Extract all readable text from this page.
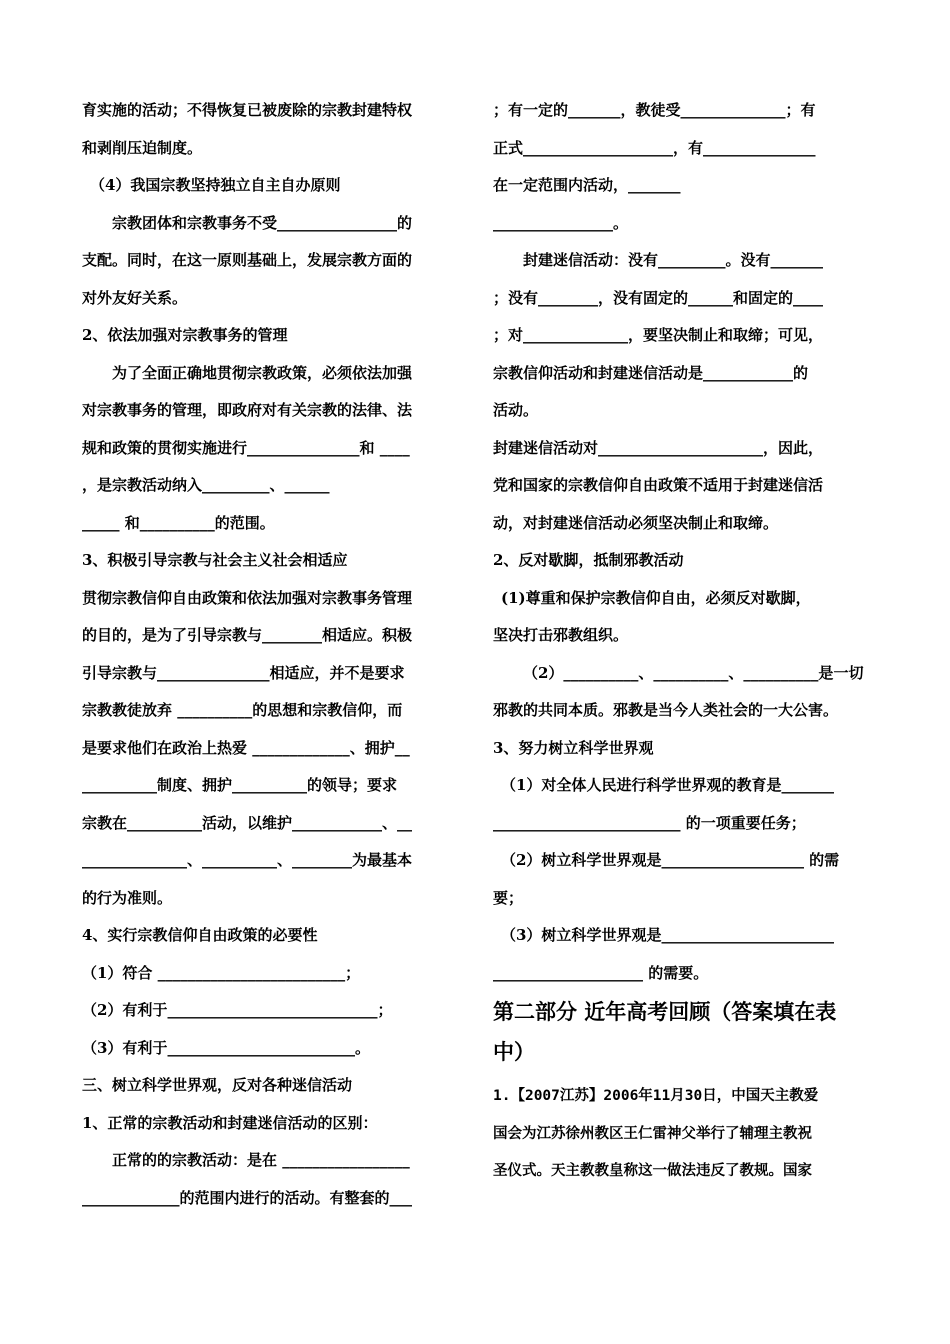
育实施的活动；不得恢复已被废除的宗教封建特权
和剥削压迫制度。
（4）我国宗教坚持独立自主自办原则
宗教团体和宗教事务不受________________的
支配。同时，在这一原则基础上，发展宗教方面的
对外友好关系。
2、依法加强对宗教事务的管理
为了全面正确地贯彻宗教政策，必须依法加强
对宗教事务的管理，即政府对有关宗教的法律、法
规和政策的贯彻实施进行_______________和 ____
，是宗教活动纳入_________、______
_____ 和__________的范围。
3、积极引导宗教与社会主义社会相适应
贯彻宗教信仰自由政策和依法加强对宗教事务管理
的目的，是为了引导宗教与________相适应。积极
引导宗教与_______________相适应，并不是要求
宗教教徒放弃 __________的思想和宗教信仰，而
是要求他们在政治上热爱 _____________、拥护__
__________制度、拥护__________的领导；要求
宗教在__________活动，以维护____________、__
______________、__________、________为最基本
的行为准则。
4、实行宗教信仰自由政策的必要性
（1）符合 _________________________；
（2）有利于____________________________；
（3）有利于_________________________。
三、树立科学世界观，反对各种迷信活动
1、正常的宗教活动和封建迷信活动的区别：
正常的的宗教活动：是在 _________________
_____________的范围内进行的活动。有整套的___
；有一定的_______，教徒受______________；有
正式____________________，有_______________
在一定范围内活动，_______
________________。
封建迷信活动：没有_________。没有_______
；没有________，没有固定的______和固定的____
；对______________，要坚决制止和取缔；可见，
宗教信仰活动和封建迷信活动是____________的
活动。
封建迷信活动对______________________，因此，
党和国家的宗教信仰自由政策不适用于封建迷信活
动，对封建迷信活动必须坚决制止和取缔。
2、反对歇脚，抵制邪教活动
(1)尊重和保护宗教信仰自由，必须反对歇脚，
坚决打击邪教组织。
（2）__________、__________、__________是一切
邪教的共同本质。邪教是当今人类社会的一大公害。
3、努力树立科学世界观
（1）对全体人民进行科学世界观的教育是_______
_________________________ 的一项重要任务；
（2）树立科学世界观是___________________ 的需
要；
（3）树立科学世界观是_______________________
____________________ 的需要。
第二部分 近年高考回顾（答案填在表
中）
1.【2007江苏】2006年11月30日，中国天主教爱
国会为江苏徐州教区王仁雷神父举行了辅理主教祝
圣仪式。天主教教皇称这一做法违反了教规。国家
